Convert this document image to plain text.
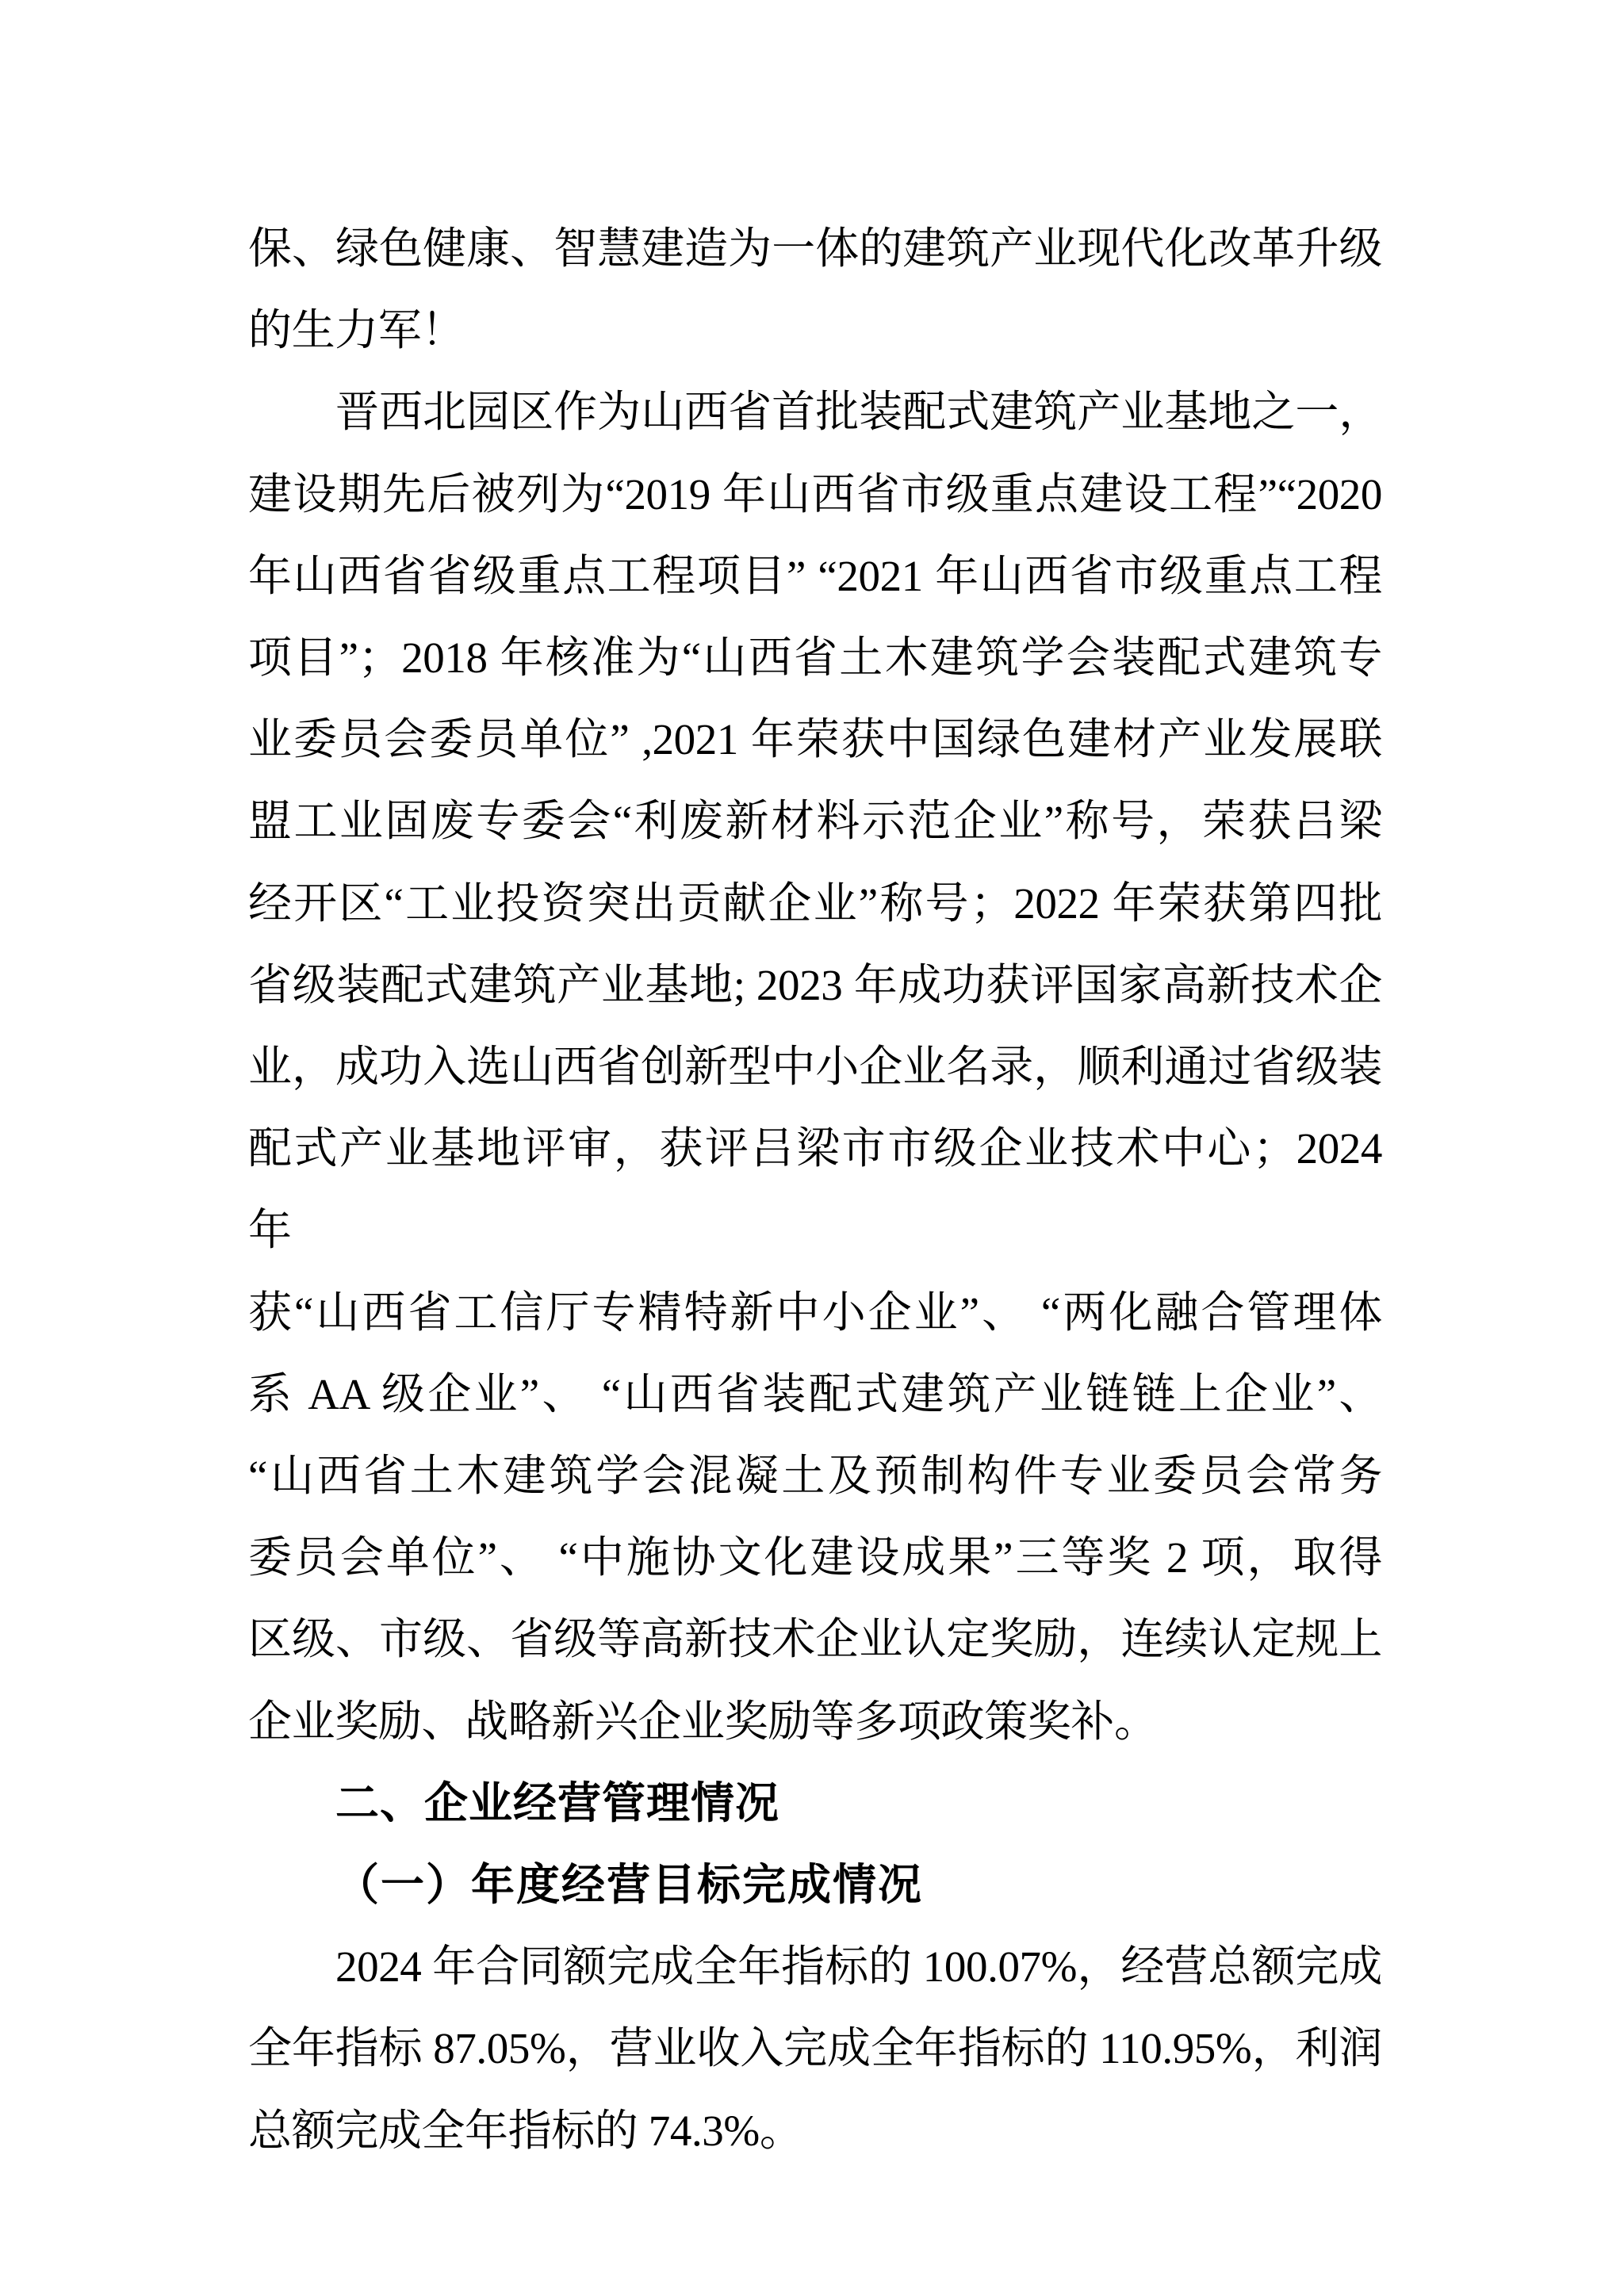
保、绿色健康、智慧建造为一体的建筑产业现代化改革升级
的生力军！
晋西北园区作为山西省首批装配式建筑产业基地之一，
建设期先后被列为“2019 年山西省市级重点建设工程”“2020
年山西省省级重点工程项目” “2021 年山西省市级重点工程
项目”；2018 年核准为“山西省土木建筑学会装配式建筑专
业委员会委员单位” ,2021 年荣获中国绿色建材产业发展联
盟工业固废专委会“利废新材料示范企业”称号，荣获吕梁
经开区“工业投资突出贡献企业”称号；2022 年荣获第四批
省级装配式建筑产业基地; 2023 年成功获评国家高新技术企
业，成功入选山西省创新型中小企业名录，顺利通过省级装
配式产业基地评审，获评吕梁市市级企业技术中心；2024 年
获“山西省工信厅专精特新中小企业”、 “两化融合管理体
系 AA 级企业”、 “山西省装配式建筑产业链链上企业”、
“山西省土木建筑学会混凝土及预制构件专业委员会常务
委员会单位”、 “中施协文化建设成果”三等奖 2 项，取得
区级、市级、省级等高新技术企业认定奖励，连续认定规上
企业奖励、战略新兴企业奖励等多项政策奖补。
二、企业经营管理情况
（一）年度经营目标完成情况
2024 年合同额完成全年指标的 100.07%，经营总额完成
全年指标 87.05%，营业收入完成全年指标的 110.95%，利润
总额完成全年指标的 74.3%。
